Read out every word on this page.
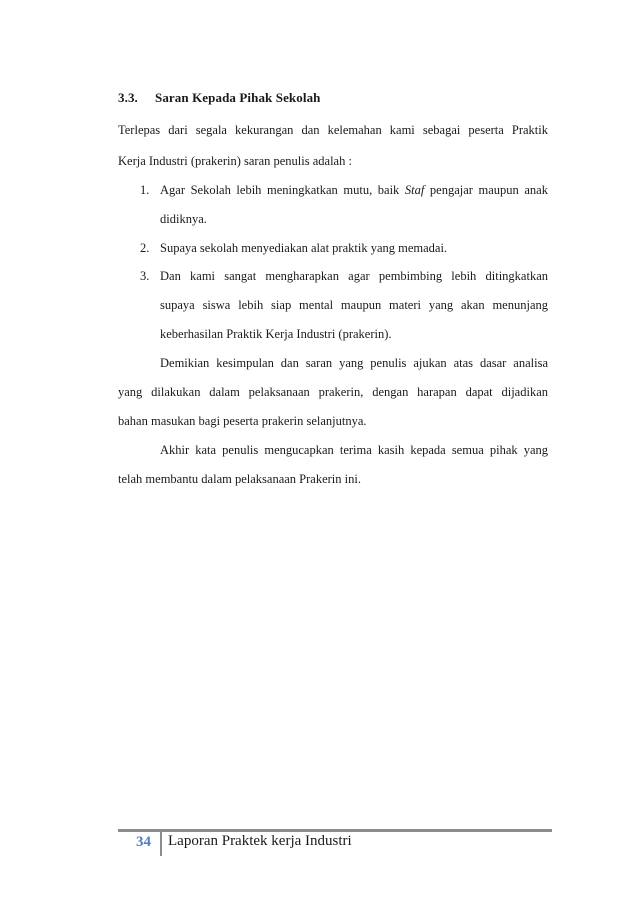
3.3. Saran Kepada Pihak Sekolah
Terlepas dari segala kekurangan dan kelemahan kami sebagai peserta Praktik
Kerja Industri (prakerin) saran penulis adalah :
1. Agar Sekolah lebih meningkatkan mutu, baik Staf pengajar maupun anak
didiknya.
2. Supaya sekolah menyediakan alat praktik yang memadai.
3. Dan kami sangat mengharapkan agar pembimbing lebih ditingkatkan
supaya siswa lebih siap mental maupun materi yang akan menunjang
keberhasilan Praktik Kerja Industri (prakerin).
Demikian kesimpulan dan saran yang penulis ajukan atas dasar analisa
yang dilakukan dalam pelaksanaan prakerin, dengan harapan dapat dijadikan
bahan masukan bagi peserta prakerin selanjutnya.
Akhir kata penulis mengucapkan terima kasih kepada semua pihak yang
telah membantu dalam pelaksanaan Prakerin ini.
34 Laporan Praktek kerja Industri
